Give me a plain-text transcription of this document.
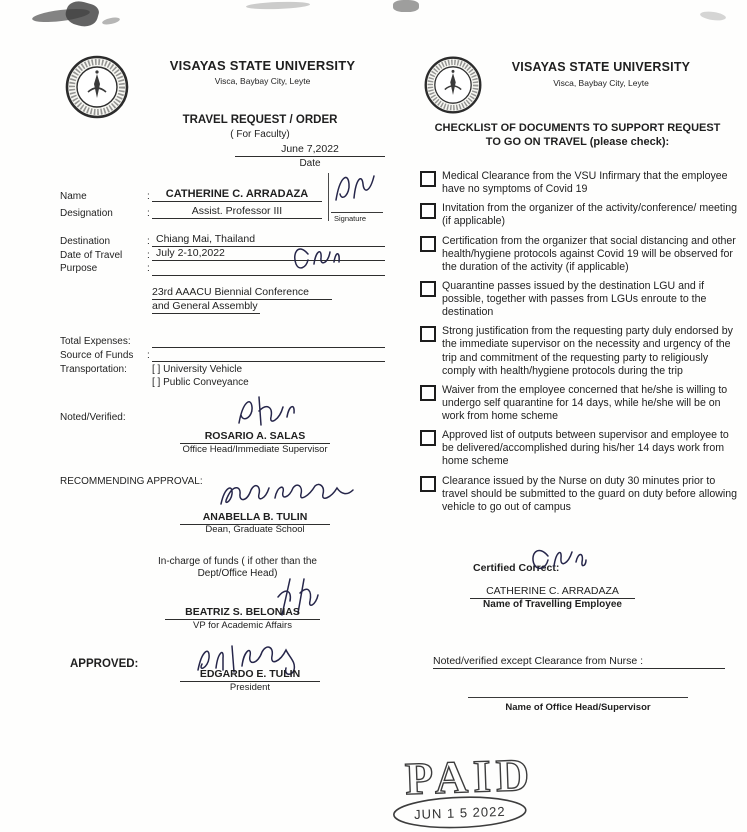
VISAYAS STATE UNIVERSITY
Visca, Baybay City, Leyte
TRAVEL REQUEST / ORDER
( For Faculty)
June 7,2022
Date
Name	:	CATHERINE C. ARRADAZA
Signature
Designation	:	Assist. Professor III
Destination	: Chiang Mai, Thailand
Date of Travel : July 2-10,2022
Purpose	:
23rd AAACU Biennial Conference
and General Assembly
Total Expenses:
Source of Funds :
Transportation:	[ ] University Vehicle
[ ] Public Conveyance
Noted/Verified:
ROSARIO A. SALAS
Office Head/Immediate Supervisor
RECOMMENDING APPROVAL:
ANABELLA B. TULIN
Dean, Graduate School
In-charge of funds ( if other than the
Dept/Office Head)
BEATRIZ S. BELONIAS
VP for Academic Affairs
APPROVED:
EDGARDO E. TULIN
President
VISAYAS STATE UNIVERSITY
Visca, Baybay City, Leyte
CHECKLIST OF DOCUMENTS TO SUPPORT REQUEST
TO GO ON TRAVEL (please check):
Medical Clearance from the VSU Infirmary that the employee have no symptoms of Covid 19
Invitation from the organizer of the activity/conference/ meeting (if applicable)
Certification from the organizer that social distancing and other health/hygiene protocols against Covid 19 will be observed for the duration of the activity (if applicable)
Quarantine passes issued by the destination LGU and if possible, together with passes from LGUs enroute to the destination
Strong justification from the requesting party duly endorsed by the immediate supervisor on the necessity and urgency of the trip and commitment of the requesting party to religiously comply with health/hygiene protocols during the trip
Waiver from the employee concerned that he/she is willing to undergo self quarantine for 14 days, while he/she will be on work from home scheme
Approved list of outputs between supervisor and employee to be delivered/accomplished during his/her 14 days work from home scheme
Clearance issued by the Nurse on duty 30 minutes prior to travel should be submitted to the guard on duty before allowing vehicle to go out of campus
Certified Correct:
CATHERINE C. ARRADAZA
Name of Travelling Employee
Noted/verified except Clearance from Nurse :
Name of Office Head/Supervisor
PAID
JUN 1 5 2022
